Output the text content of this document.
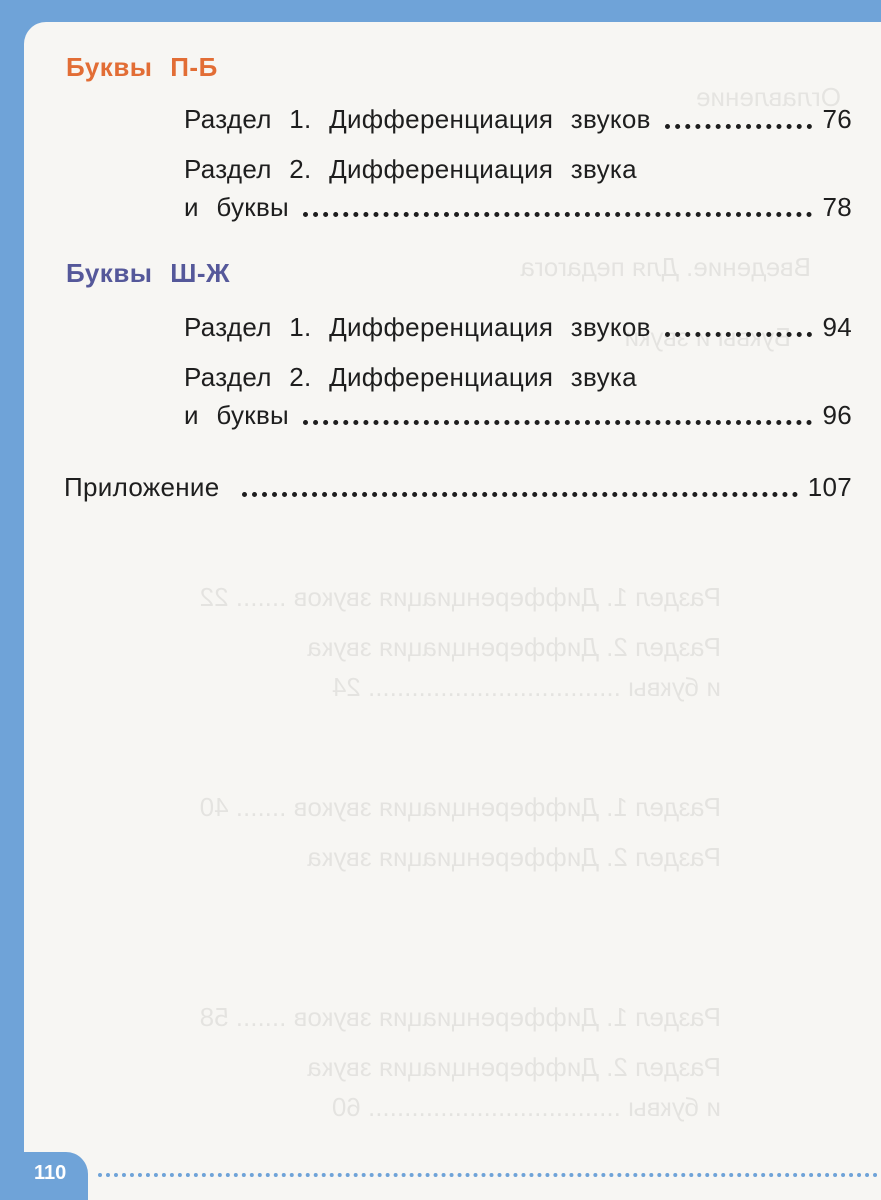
Оглавление
Введение. Для педагога
Буквы и звуки
Раздел 1. Дифференциация звуков ....... 22
Раздел 2. Дифференциация звука
и буквы ................................... 24
Раздел 1. Дифференциация звуков ....... 40
Раздел 2. Дифференциация звука
Раздел 1. Дифференциация звуков ....... 58
Раздел 2. Дифференциация звука
и буквы ................................... 60
Буквы П-Б
Раздел 1. Дифференциация звуков	76
Раздел 2. Дифференциация звука
и буквы	78
Буквы Ш-Ж
Раздел 1. Дифференциация звуков	94
Раздел 2. Дифференциация звука
и буквы	96
Приложение	107
110
